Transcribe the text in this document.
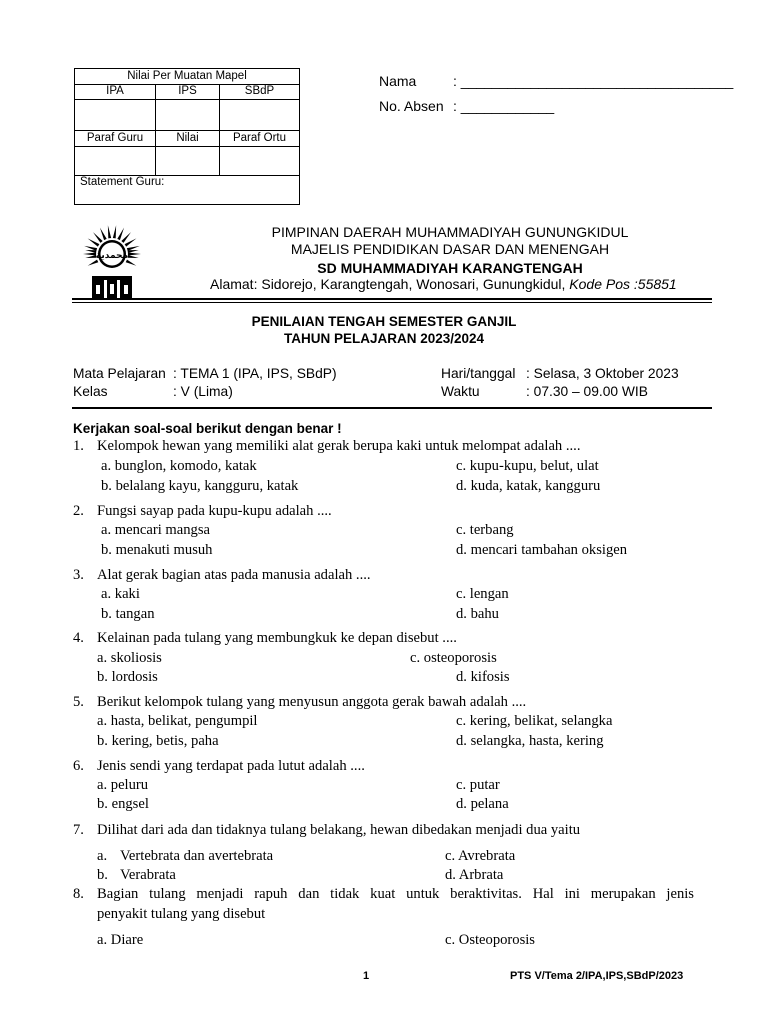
Nilai Per Muatan Mapel
IPA	IPS	SBdP
Paraf Guru	Nilai	Paraf Ortu
Statement Guru:
Nama	: ___________________________________
No. Absen : ____________
محمدية
PIMPINAN DAERAH MUHAMMADIYAH GUNUNGKIDUL
MAJELIS PENDIDIKAN DASAR DAN MENENGAH
SD MUHAMMADIYAH KARANGTENGAH
Alamat: Sidorejo, Karangtengah, Wonosari, Gunungkidul, Kode Pos :55851
PENILAIAN TENGAH SEMESTER GANJIL
TAHUN PELAJARAN 2023/2024
Mata Pelajaran : TEMA 1 (IPA, IPS, SBdP)
Kelas	: V (Lima)
Hari/tanggal : Selasa, 3 Oktober 2023
Waktu	: 07.30 – 09.00 WIB
Kerjakan soal-soal berikut dengan benar !
1. Kelompok hewan yang memiliki alat gerak berupa kaki untuk melompat adalah ....
a. bunglon, komodo, katak
b. belalang kayu, kangguru, katak
c. kupu-kupu, belut, ulat
d. kuda, katak, kangguru
2. Fungsi sayap pada kupu-kupu adalah ....
a. mencari mangsa
b. menakuti musuh
c. terbang
d. mencari tambahan oksigen
3. Alat gerak bagian atas pada manusia adalah ....
a. kaki
b. tangan
c. lengan
d. bahu
4. Kelainan pada tulang yang membungkuk ke depan disebut ....
a. skoliosis
b. lordosis
c. osteoporosis
d. kifosis
5. Berikut kelompok tulang yang menyusun anggota gerak bawah adalah ....
a. hasta, belikat, pengumpil
b. kering, betis, paha
c. kering, belikat, selangka
d. selangka, hasta, kering
6. Jenis sendi yang terdapat pada lutut adalah ....
a. peluru
b. engsel
c. putar
d. pelana
7. Dilihat dari ada dan tidaknya tulang belakang, hewan dibedakan menjadi dua yaitu
a. Vertebrata dan avertebrata
b. Verabrata
c. Avrebrata
d. Arbrata
8. Bagian tulang menjadi rapuh dan tidak kuat untuk beraktivitas. Hal ini merupakan jenis
penyakit tulang yang disebut
a. Diare	c. Osteoporosis
1	PTS V/Tema 2/IPA,IPS,SBdP/2023
